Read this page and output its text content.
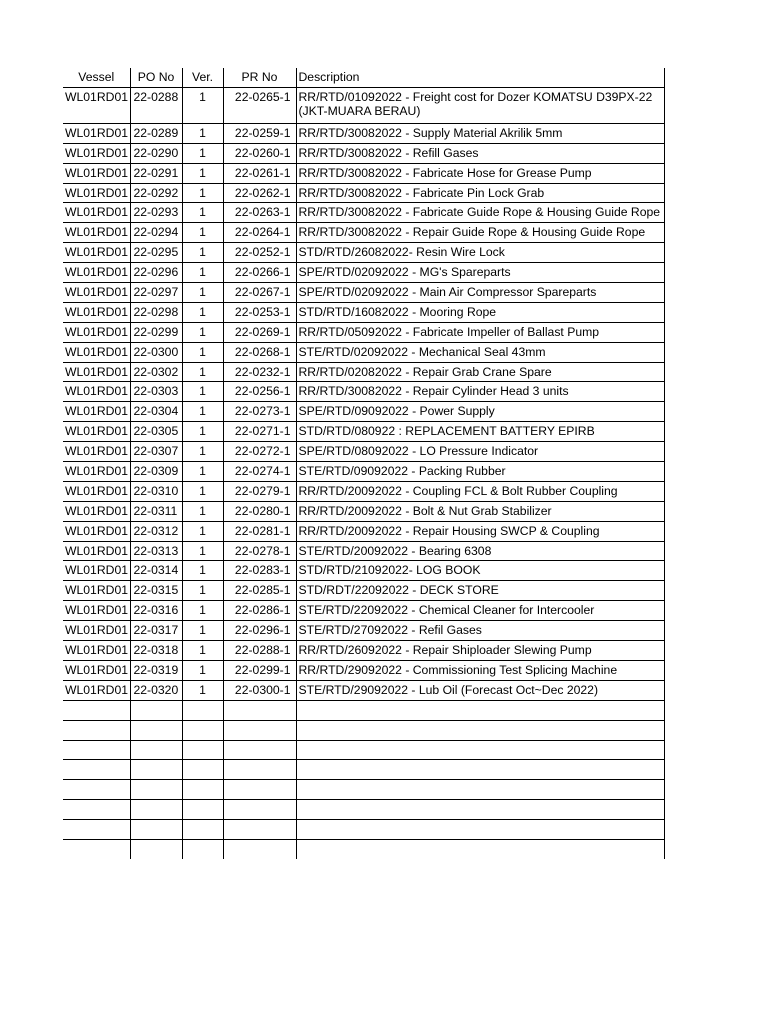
Vessel	PO No	Ver.	PR No	Description
WL01RD01	22-0288	1	22-0265-1	RR/RTD/01092022 - Freight cost for Dozer KOMATSU D39PX-22 (JKT-MUARA BERAU)
WL01RD01	22-0289	1	22-0259-1	RR/RTD/30082022 - Supply Material Akrilik 5mm
WL01RD01	22-0290	1	22-0260-1	RR/RTD/30082022 - Refill Gases
WL01RD01	22-0291	1	22-0261-1	RR/RTD/30082022 - Fabricate Hose for Grease Pump
WL01RD01	22-0292	1	22-0262-1	RR/RTD/30082022 - Fabricate Pin Lock Grab
WL01RD01	22-0293	1	22-0263-1	RR/RTD/30082022 - Fabricate Guide Rope & Housing Guide Rope
WL01RD01	22-0294	1	22-0264-1	RR/RTD/30082022 - Repair Guide Rope & Housing Guide Rope
WL01RD01	22-0295	1	22-0252-1	STD/RTD/26082022- Resin Wire Lock
WL01RD01	22-0296	1	22-0266-1	SPE/RTD/02092022 - MG's Spareparts
WL01RD01	22-0297	1	22-0267-1	SPE/RTD/02092022 - Main Air Compressor Spareparts
WL01RD01	22-0298	1	22-0253-1	STD/RTD/16082022 - Mooring Rope
WL01RD01	22-0299	1	22-0269-1	RR/RTD/05092022 - Fabricate Impeller of Ballast Pump
WL01RD01	22-0300	1	22-0268-1	STE/RTD/02092022 - Mechanical Seal 43mm
WL01RD01	22-0302	1	22-0232-1	RR/RTD/02082022 - Repair Grab Crane Spare
WL01RD01	22-0303	1	22-0256-1	RR/RTD/30082022 - Repair Cylinder Head 3 units
WL01RD01	22-0304	1	22-0273-1	SPE/RTD/09092022 - Power Supply
WL01RD01	22-0305	1	22-0271-1	STD/RTD/080922 : REPLACEMENT BATTERY EPIRB
WL01RD01	22-0307	1	22-0272-1	SPE/RTD/08092022 - LO Pressure Indicator
WL01RD01	22-0309	1	22-0274-1	STE/RTD/09092022 - Packing Rubber
WL01RD01	22-0310	1	22-0279-1	RR/RTD/20092022 - Coupling FCL & Bolt Rubber Coupling
WL01RD01	22-0311	1	22-0280-1	RR/RTD/20092022 - Bolt & Nut Grab Stabilizer
WL01RD01	22-0312	1	22-0281-1	RR/RTD/20092022 - Repair Housing SWCP & Coupling
WL01RD01	22-0313	1	22-0278-1	STE/RTD/20092022 - Bearing 6308
WL01RD01	22-0314	1	22-0283-1	STD/RTD/21092022- LOG BOOK
WL01RD01	22-0315	1	22-0285-1	STD/RDT/22092022 - DECK STORE
WL01RD01	22-0316	1	22-0286-1	STE/RTD/22092022 - Chemical Cleaner for Intercooler
WL01RD01	22-0317	1	22-0296-1	STE/RTD/27092022 - Refil Gases
WL01RD01	22-0318	1	22-0288-1	RR/RTD/26092022 - Repair Shiploader Slewing Pump
WL01RD01	22-0319	1	22-0299-1	RR/RTD/29092022 - Commissioning Test Splicing Machine
WL01RD01	22-0320	1	22-0300-1	STE/RTD/29092022 - Lub Oil (Forecast Oct~Dec 2022)
